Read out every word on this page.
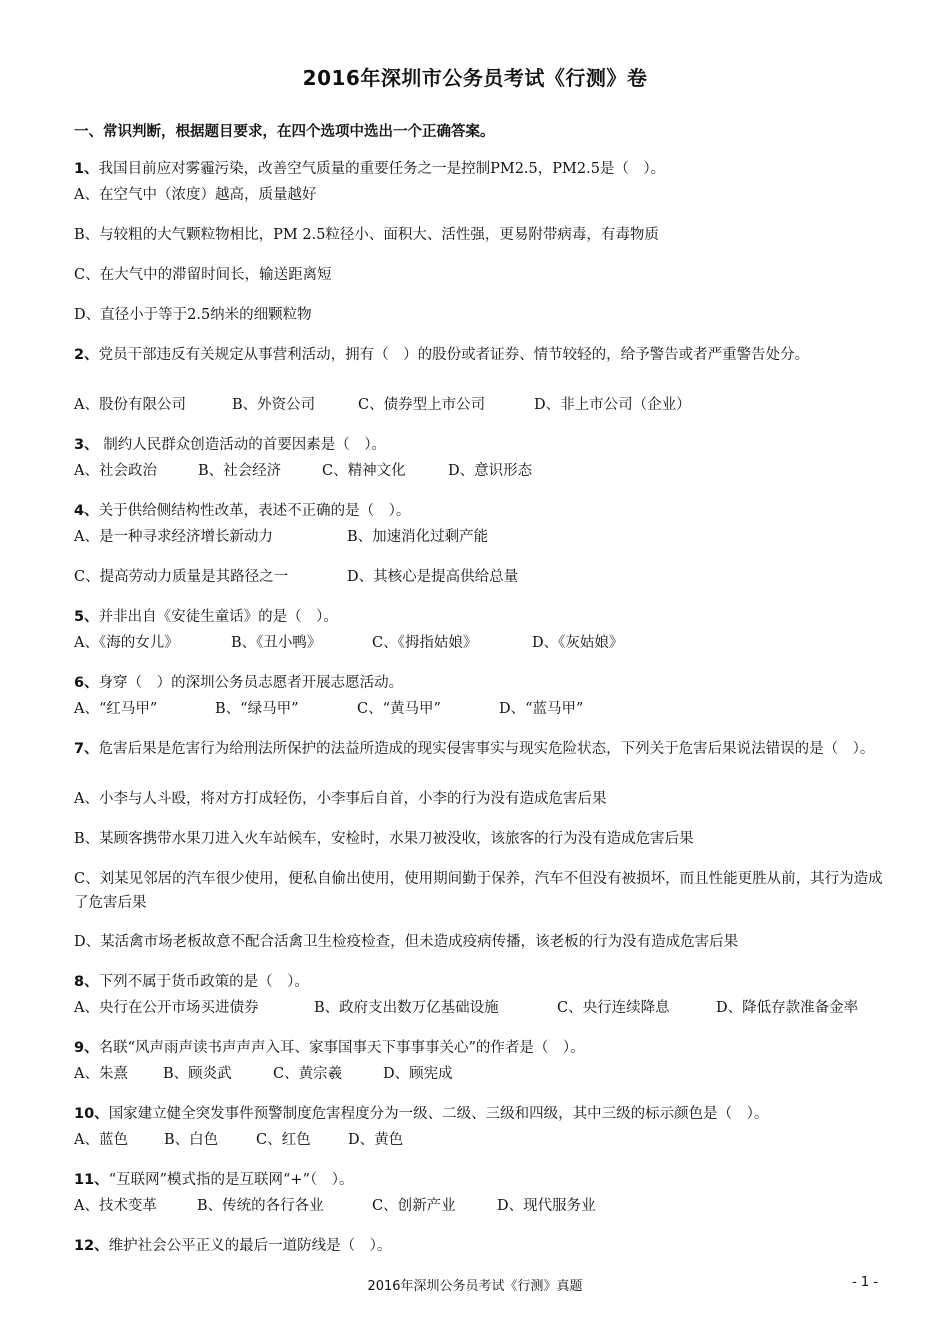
2016年深圳市公务员考试《行测》卷
一、常识判断，根据题目要求，在四个选项中选出一个正确答案。
1、我国目前应对雾霾污染，改善空气质量的重要任务之一是控制PM2.5，PM2.5是（　）。
A、在空气中（浓度）越高，质量越好
B、与较粗的大气颗粒物相比，PM 2.5粒径小、面积大、活性强，更易附带病毒，有毒物质
C、在大气中的滞留时间长，输送距离短
D、直径小于等于2.5纳米的细颗粒物
2、党员干部违反有关规定从事营利活动，拥有（　）的股份或者证券、情节较轻的，给予警告或者严重警告处分。
A、股份有限公司	B、外资公司	C、债券型上市公司	D、非上市公司（企业）
3、 制约人民群众创造活动的首要因素是（　）。
A、社会政治	B、社会经济	C、精神文化	D、意识形态
4、关于供给侧结构性改革，表述不正确的是（　）。
A、是一种寻求经济增长新动力	B、加速消化过剩产能
C、提高劳动力质量是其路径之一	D、其核心是提高供给总量
5、并非出自《安徒生童话》的是（　）。
A、《海的女儿》	B、《丑小鸭》	C、《拇指姑娘》	D、《灰姑娘》
6、身穿（　）的深圳公务员志愿者开展志愿活动。
A、“红马甲”	B、“绿马甲”	C、“黄马甲”	D、“蓝马甲”
7、危害后果是危害行为给刑法所保护的法益所造成的现实侵害事实与现实危险状态，下列关于危害后果说法错误的是（　）。
A、小李与人斗殴，将对方打成轻伤，小李事后自首，小李的行为没有造成危害后果
B、某顾客携带水果刀进入火车站候车，安检时，水果刀被没收，该旅客的行为没有造成危害后果
C、刘某见邻居的汽车很少使用，便私自偷出使用，使用期间勤于保养，汽车不但没有被损坏，而且性能更胜从前，其行为造成了危害后果
D、某活禽市场老板故意不配合活禽卫生检疫检查，但未造成疫病传播，该老板的行为没有造成危害后果
8、下列不属于货币政策的是（　）。
A、央行在公开市场买进债券	B、政府支出数万亿基础设施	C、央行连续降息	D、降低存款准备金率
9、名联“风声雨声读书声声声入耳、家事国事天下事事事关心”的作者是（　）。
A、朱熹 B、顾炎武	C、黄宗羲	D、顾宪成
10、国家建立健全突发事件预警制度危害程度分为一级、二级、三级和四级，其中三级的标示颜色是（　）。
A、蓝色 B、白色	C、红色	D、黄色
11、“互联网”模式指的是互联网“+”（　）。
A、技术变革	B、传统的各行各业	C、创新产业	D、现代服务业
12、维护社会公平正义的最后一道防线是（　）。
2016年深圳公务员考试《行测》真题	- 1 -
